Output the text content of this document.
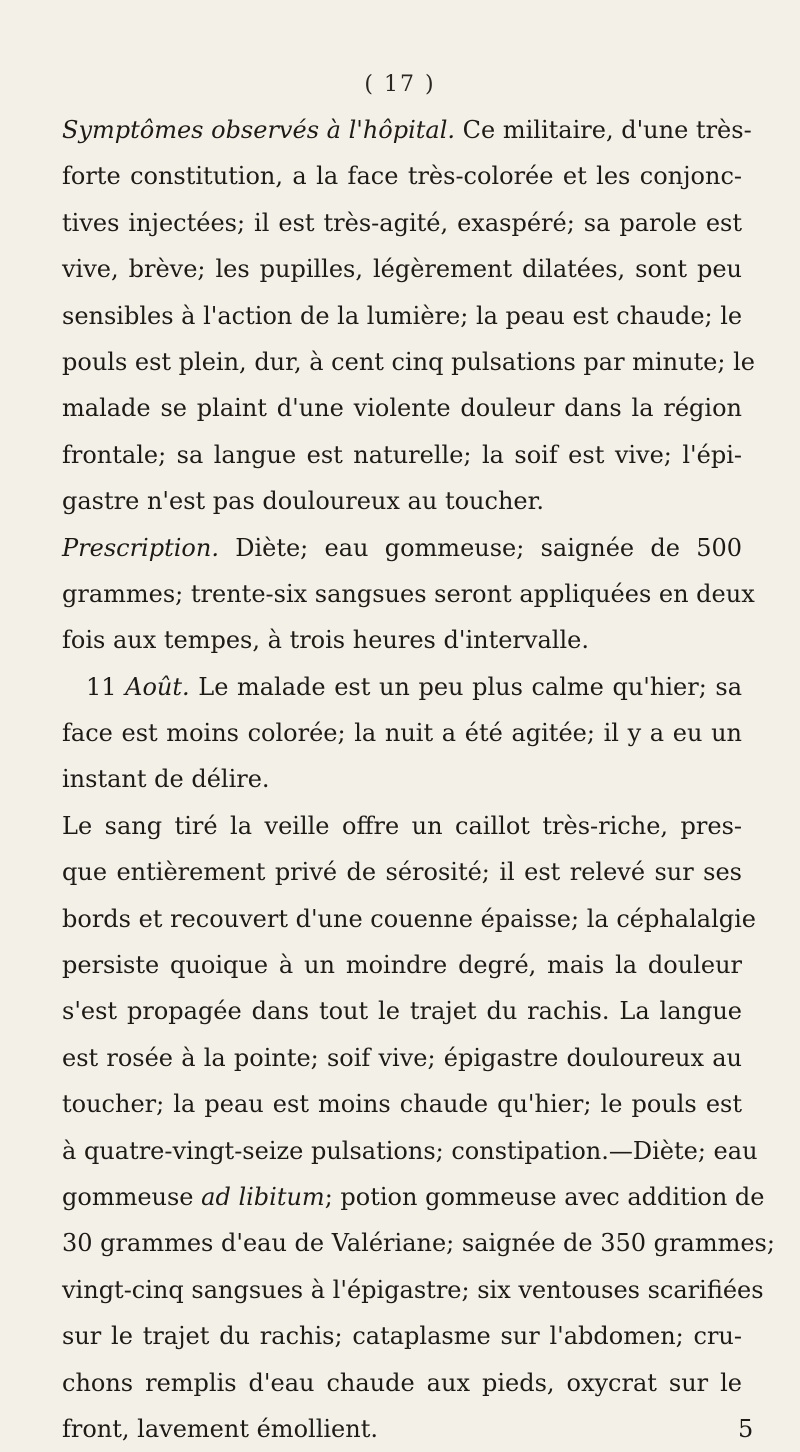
( 17 )
Symptômes observés à l'hôpital. Ce militaire, d'une très-
forte constitution, a la face très-colorée et les conjonc-
tives injectées; il est très-agité, exaspéré; sa parole est
vive, brève; les pupilles, légèrement dilatées, sont peu
sensibles à l'action de la lumière; la peau est chaude; le
pouls est plein, dur, à cent cinq pulsations par minute; le
malade se plaint d'une violente douleur dans la région
frontale; sa langue est naturelle; la soif est vive; l'épi-
gastre n'est pas douloureux au toucher.
Prescription. Diète; eau gommeuse; saignée de 500
grammes; trente-six sangsues seront appliquées en deux
fois aux tempes, à trois heures d'intervalle.
11 Août. Le malade est un peu plus calme qu'hier; sa
face est moins colorée; la nuit a été agitée; il y a eu un
instant de délire.
Le sang tiré la veille offre un caillot très-riche, pres-
que entièrement privé de sérosité; il est relevé sur ses
bords et recouvert d'une couenne épaisse; la céphalalgie
persiste quoique à un moindre degré, mais la douleur
s'est propagée dans tout le trajet du rachis. La langue
est rosée à la pointe; soif vive; épigastre douloureux au
toucher; la peau est moins chaude qu'hier; le pouls est
à quatre-vingt-seize pulsations; constipation.—Diète; eau
gommeuse ad libitum; potion gommeuse avec addition de
30 grammes d'eau de Valériane; saignée de 350 grammes;
vingt-cinq sangsues à l'épigastre; six ventouses scarifiées
sur le trajet du rachis; cataplasme sur l'abdomen; cru-
chons remplis d'eau chaude aux pieds, oxycrat sur le
front, lavement émollient.               	5
